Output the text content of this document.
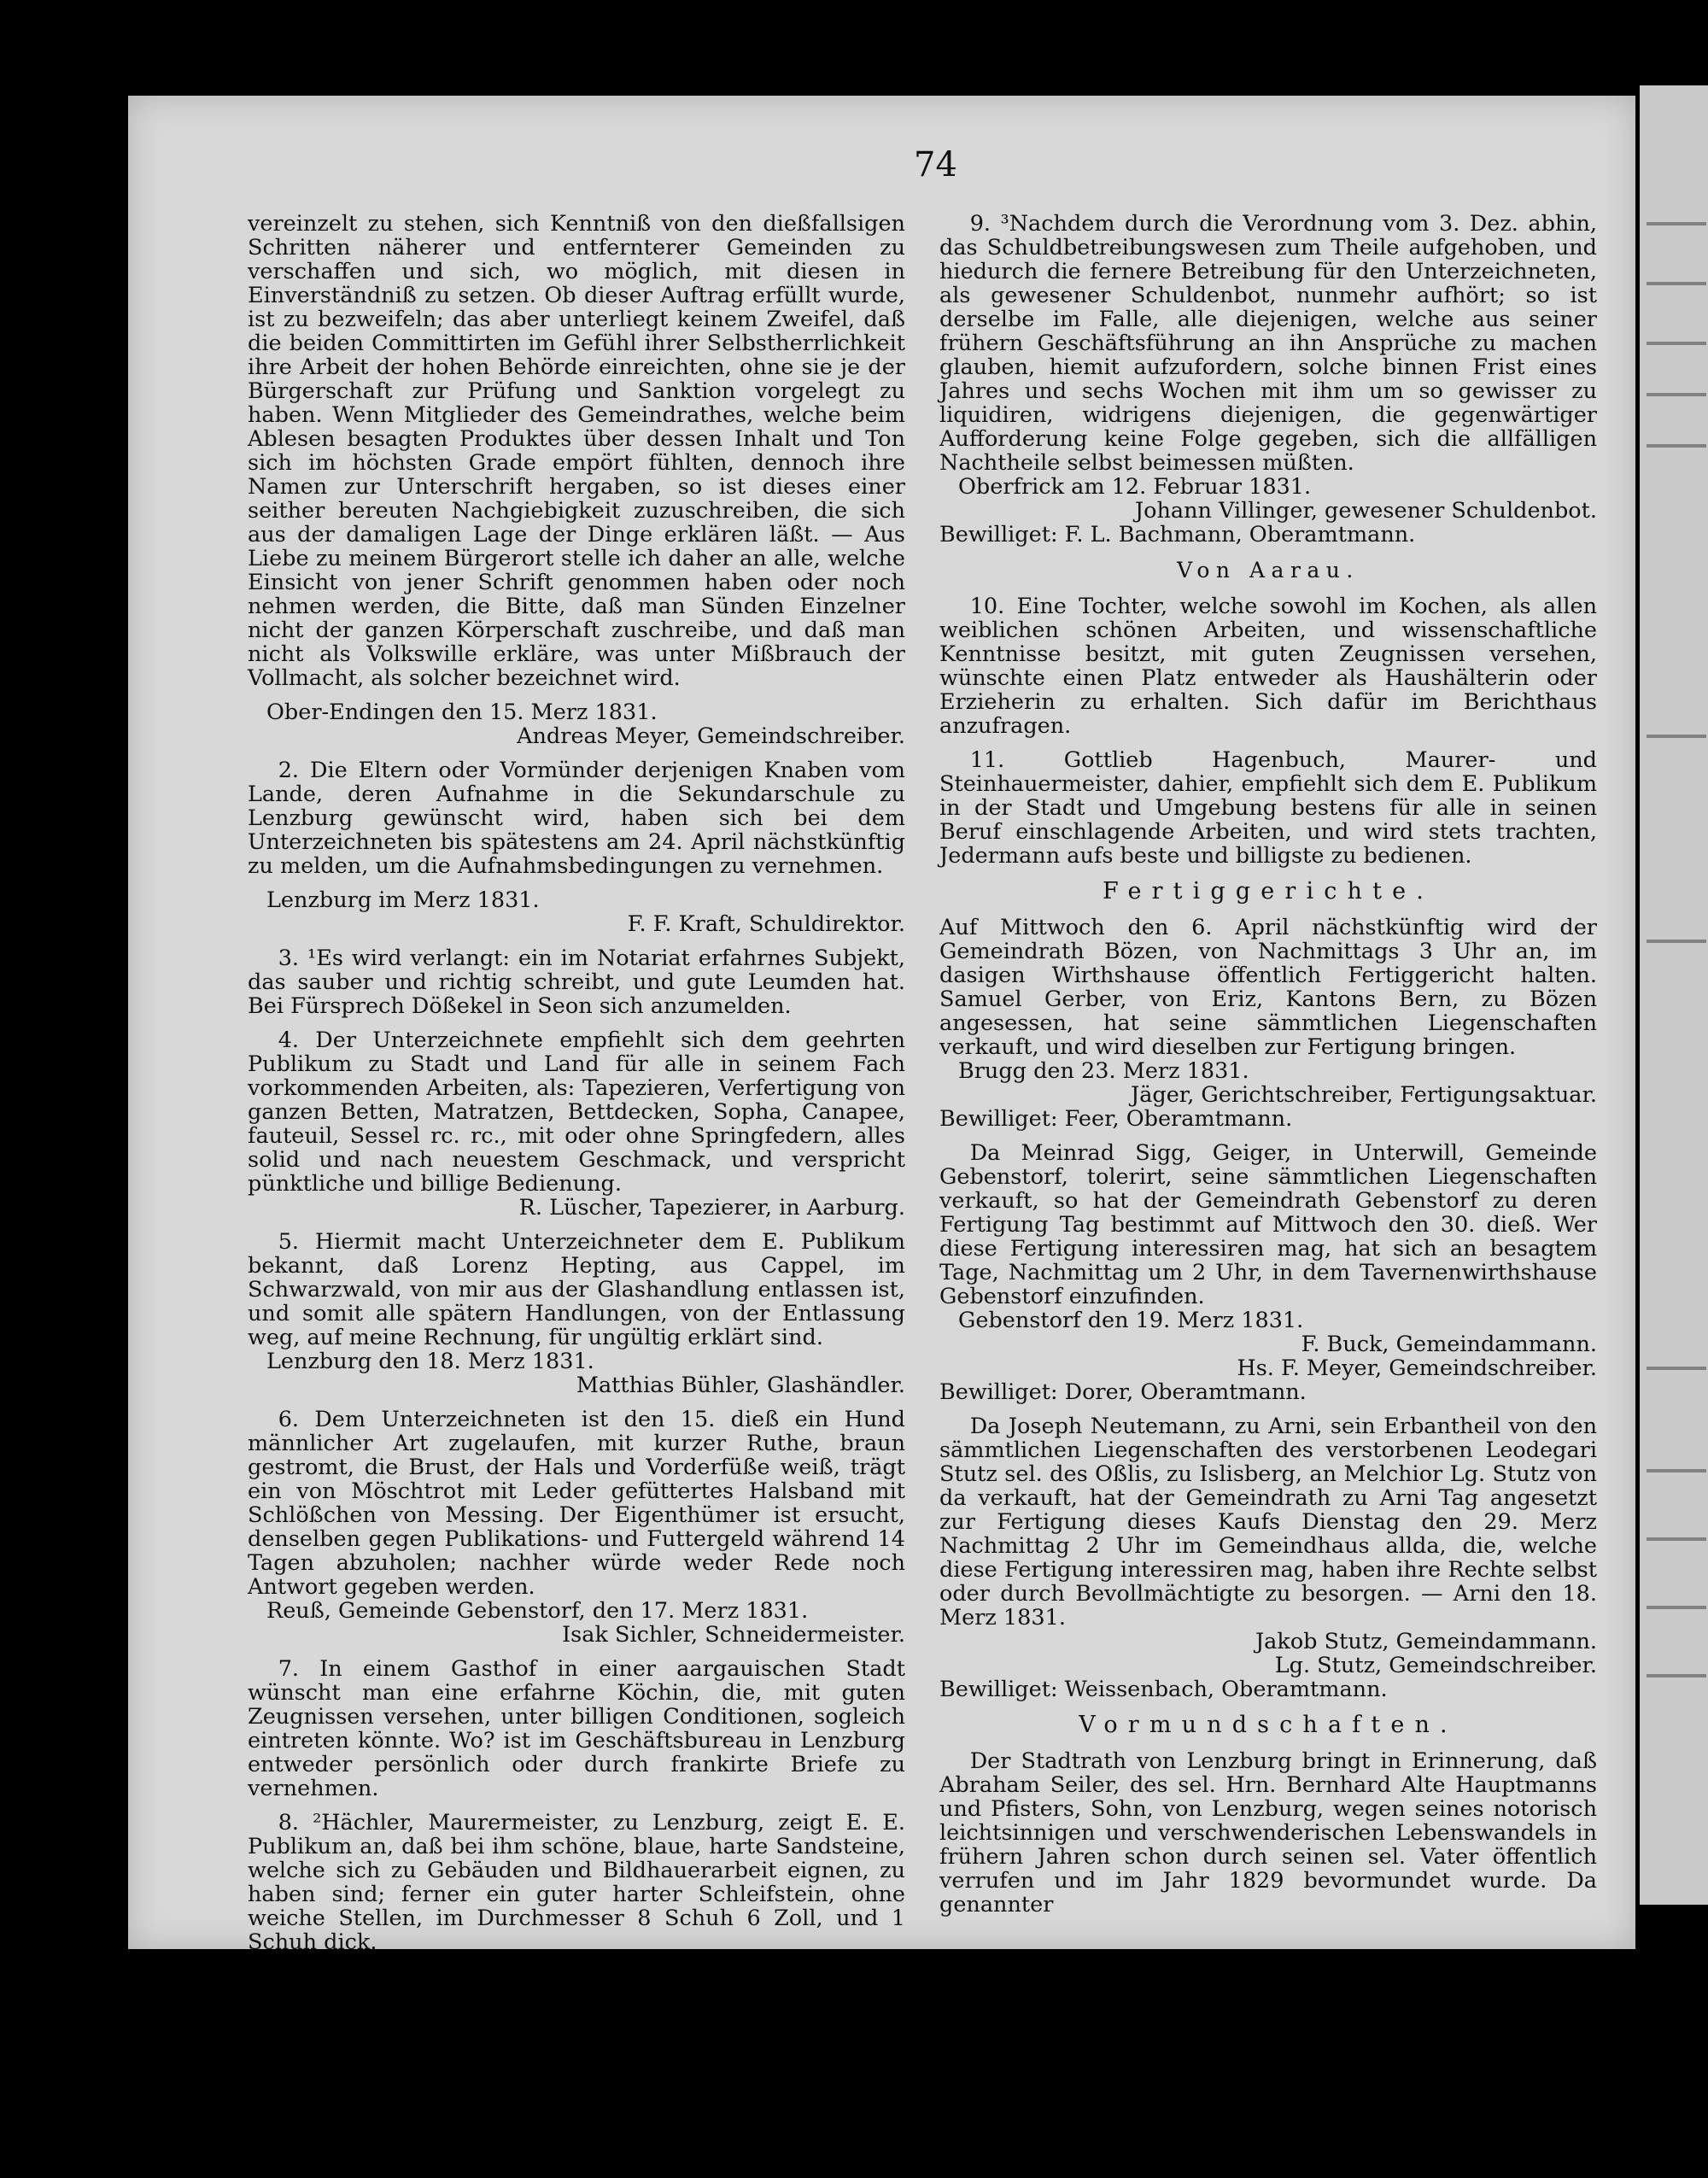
74

vereinzelt zu stehen, sich Kenntniß von den dießfallsigen Schritten näherer und entfernterer Gemeinden zu verschaffen und sich, wo möglich, mit diesen in Einverständniß zu setzen. Ob dieser Auftrag erfüllt wurde, ist zu bezweifeln; das aber unterliegt keinem Zweifel, daß die beiden Committirten im Gefühl ihrer Selbstherrlichkeit ihre Arbeit der hohen Behörde einreichten, ohne sie je der Bürgerschaft zur Prüfung und Sanktion vorgelegt zu haben. Wenn Mitglieder des Gemeindrathes, welche beim Ablesen besagten Produktes über dessen Inhalt und Ton sich im höchsten Grade empört fühlten, dennoch ihre Namen zur Unterschrift hergaben, so ist dieses einer seither bereuten Nachgiebigkeit zuzuschreiben, die sich aus der damaligen Lage der Dinge erklären läßt. — Aus Liebe zu meinem Bürgerort stelle ich daher an alle, welche Einsicht von jener Schrift genommen haben oder noch nehmen werden, die Bitte, daß man Sünden Einzelner nicht der ganzen Körperschaft zuschreibe, und daß man nicht als Volkswille erkläre, was unter Mißbrauch der Vollmacht, als solcher bezeichnet wird.

Ober-Endingen den 15. Merz 1831.

Andreas Meyer, Gemeindschreiber.

2. Die Eltern oder Vormünder derjenigen Knaben vom Lande, deren Aufnahme in die Sekundarschule zu Lenzburg gewünscht wird, haben sich bei dem Unterzeichneten bis spätestens am 24. April nächstkünftig zu melden, um die Aufnahmsbedingungen zu vernehmen.

Lenzburg im Merz 1831.

F. F. Kraft, Schuldirektor.

3. ¹Es wird verlangt: ein im Notariat erfahrnes Subjekt, das sauber und richtig schreibt, und gute Leumden hat. Bei Fürsprech Dößekel in Seon sich anzumelden.

4. Der Unterzeichnete empfiehlt sich dem geehrten Publikum zu Stadt und Land für alle in seinem Fach vorkommenden Arbeiten, als: Tapezieren, Verfertigung von ganzen Betten, Matratzen, Bettdecken, Sopha, Canapee, fauteuil, Sessel rc. rc., mit oder ohne Springfedern, alles solid und nach neuestem Geschmack, und verspricht pünktliche und billige Bedienung.

R. Lüscher, Tapezierer, in Aarburg.

5. Hiermit macht Unterzeichneter dem E. Publikum bekannt, daß Lorenz Hepting, aus Cappel, im Schwarzwald, von mir aus der Glashandlung entlassen ist, und somit alle spätern Handlungen, von der Entlassung weg, auf meine Rechnung, für ungültig erklärt sind.

Lenzburg den 18. Merz 1831.

Matthias Bühler, Glashändler.

6. Dem Unterzeichneten ist den 15. dieß ein Hund männlicher Art zugelaufen, mit kurzer Ruthe, braun gestromt, die Brust, der Hals und Vorderfüße weiß, trägt ein von Möschtrot mit Leder gefüttertes Halsband mit Schlößchen von Messing. Der Eigenthümer ist ersucht, denselben gegen Publikations- und Futtergeld während 14 Tagen abzuholen; nachher würde weder Rede noch Antwort gegeben werden.

Reuß, Gemeinde Gebenstorf, den 17. Merz 1831.

Isak Sichler, Schneidermeister.

7. In einem Gasthof in einer aargauischen Stadt wünscht man eine erfahrne Köchin, die, mit guten Zeugnissen versehen, unter billigen Conditionen, sogleich eintreten könnte. Wo? ist im Geschäftsbureau in Lenzburg entweder persönlich oder durch frankirte Briefe zu vernehmen.

8. ²Hächler, Maurermeister, zu Lenzburg, zeigt E. E. Publikum an, daß bei ihm schöne, blaue, harte Sandsteine, welche sich zu Gebäuden und Bildhauerarbeit eignen, zu haben sind; ferner ein guter harter Schleifstein, ohne weiche Stellen, im Durchmesser 8 Schuh 6 Zoll, und 1 Schuh dick.

9. ³Nachdem durch die Verordnung vom 3. Dez. abhin, das Schuldbetreibungswesen zum Theile aufgehoben, und hiedurch die fernere Betreibung für den Unterzeichneten, als gewesener Schuldenbot, nunmehr aufhört; so ist derselbe im Falle, alle diejenigen, welche aus seiner frühern Geschäftsführung an ihn Ansprüche zu machen glauben, hiemit aufzufordern, solche binnen Frist eines Jahres und sechs Wochen mit ihm um so gewisser zu liquidiren, widrigens diejenigen, die gegenwärtiger Aufforderung keine Folge gegeben, sich die allfälligen Nachtheile selbst beimessen müßten.

Oberfrick am 12. Februar 1831.

Johann Villinger, gewesener Schuldenbot.

Bewilliget: F. L. Bachmann, Oberamtmann.

Von Aarau.

10. Eine Tochter, welche sowohl im Kochen, als allen weiblichen schönen Arbeiten, und wissenschaftliche Kenntnisse besitzt, mit guten Zeugnissen versehen, wünschte einen Platz entweder als Haushälterin oder Erzieherin zu erhalten. Sich dafür im Berichthaus anzufragen.

11. Gottlieb Hagenbuch, Maurer- und Steinhauermeister, dahier, empfiehlt sich dem E. Publikum in der Stadt und Umgebung bestens für alle in seinen Beruf einschlagende Arbeiten, und wird stets trachten, Jedermann aufs beste und billigste zu bedienen.

Fertiggerichte.

Auf Mittwoch den 6. April nächstkünftig wird der Gemeindrath Bözen, von Nachmittags 3 Uhr an, im dasigen Wirthshause öffentlich Fertiggericht halten. Samuel Gerber, von Eriz, Kantons Bern, zu Bözen angesessen, hat seine sämmtlichen Liegenschaften verkauft, und wird dieselben zur Fertigung bringen.

Brugg den 23. Merz 1831.

Jäger, Gerichtschreiber, Fertigungsaktuar.

Bewilliget: Feer, Oberamtmann.

Da Meinrad Sigg, Geiger, in Unterwill, Gemeinde Gebenstorf, tolerirt, seine sämmtlichen Liegenschaften verkauft, so hat der Gemeindrath Gebenstorf zu deren Fertigung Tag bestimmt auf Mittwoch den 30. dieß. Wer diese Fertigung interessiren mag, hat sich an besagtem Tage, Nachmittag um 2 Uhr, in dem Tavernenwirthshause Gebenstorf einzufinden.

Gebenstorf den 19. Merz 1831.

F. Buck, Gemeindammann.

Hs. F. Meyer, Gemeindschreiber.

Bewilliget: Dorer, Oberamtmann.

Da Joseph Neutemann, zu Arni, sein Erbantheil von den sämmtlichen Liegenschaften des verstorbenen Leodegari Stutz sel. des Oßlis, zu Islisberg, an Melchior Lg. Stutz von da verkauft, hat der Gemeindrath zu Arni Tag angesetzt zur Fertigung dieses Kaufs Dienstag den 29. Merz Nachmittag 2 Uhr im Gemeindhaus allda, die, welche diese Fertigung interessiren mag, haben ihre Rechte selbst oder durch Bevollmächtigte zu besorgen. — Arni den 18. Merz 1831.

Jakob Stutz, Gemeindammann.

Lg. Stutz, Gemeindschreiber.

Bewilliget: Weissenbach, Oberamtmann.

Vormundschaften.

Der Stadtrath von Lenzburg bringt in Erinnerung, daß Abraham Seiler, des sel. Hrn. Bernhard Alte Hauptmanns und Pfisters, Sohn, von Lenzburg, wegen seines notorisch leichtsinnigen und verschwenderischen Lebenswandels in frühern Jahren schon durch seinen sel. Vater öffentlich verrufen und im Jahr 1829 bevormundet wurde. Da genannter
